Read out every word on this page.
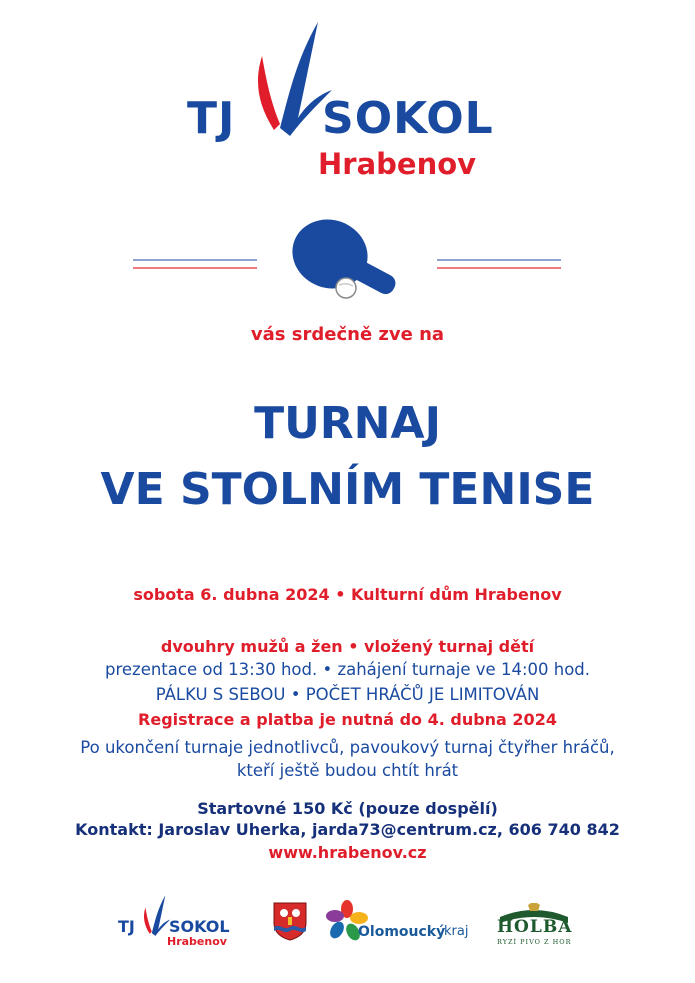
TJ SOKOL
Hrabenov
vás srdečně zve na
TURNAJ
VE STOLNÍM TENISE
sobota 6. dubna 2024 • Kulturní dům Hrabenov
dvouhry mužů a žen • vložený turnaj dětí
prezentace od 13:30 hod. • zahájení turnaje ve 14:00 hod.
PÁLKU S SEBOU • POČET HRÁČŮ JE LIMITOVÁN
Registrace a platba je nutná do 4. dubna 2024
Po ukončení turnaje jednotlivců, pavoukový turnaj čtyřher hráčů,
kteří ještě budou chtít hrát
Startovné 150 Kč (pouze dospělí)
Kontakt: Jaroslav Uherka, jarda73@centrum.cz, 606 740 842
www.hrabenov.cz
TJ SOKOL
Hrabenov
Olomoucký
kraj HOLBA
RYZÍ PIVO Z HOR
